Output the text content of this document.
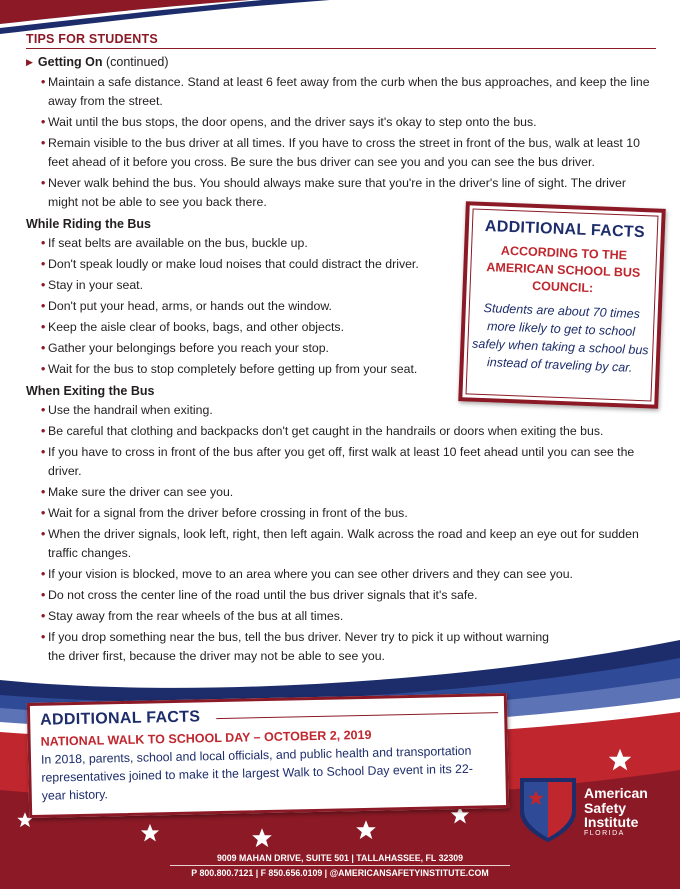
TIPS FOR STUDENTS
▶ Getting On (continued)
• Maintain a safe distance. Stand at least 6 feet away from the curb when the bus approaches, and keep the line away from the street.
• Wait until the bus stops, the door opens, and the driver says it's okay to step onto the bus.
• Remain visible to the bus driver at all times. If you have to cross the street in front of the bus, walk at least 10 feet ahead of it before you cross. Be sure the bus driver can see you and you can see the bus driver.
• Never walk behind the bus. You should always make sure that you're in the driver's line of sight. The driver might not be able to see you back there.
While Riding the Bus
• If seat belts are available on the bus, buckle up.
• Don't speak loudly or make loud noises that could distract the driver.
• Stay in your seat.
• Don't put your head, arms, or hands out the window.
• Keep the aisle clear of books, bags, and other objects.
• Gather your belongings before you reach your stop.
• Wait for the bus to stop completely before getting up from your seat.
When Exiting the Bus
• Use the handrail when exiting.
• Be careful that clothing and backpacks don't get caught in the handrails or doors when exiting the bus.
• If you have to cross in front of the bus after you get off, first walk at least 10 feet ahead until you can see the driver.
• Make sure the driver can see you.
• Wait for a signal from the driver before crossing in front of the bus.
• When the driver signals, look left, right, then left again. Walk across the road and keep an eye out for sudden traffic changes.
• If your vision is blocked, move to an area where you can see other drivers and they can see you.
• Do not cross the center line of the road until the bus driver signals that it's safe.
• Stay away from the rear wheels of the bus at all times.
• If you drop something near the bus, tell the bus driver. Never try to pick it up without warning the driver first, because the driver may not be able to see you.
ADDITIONAL FACTS
ACCORDING TO THE AMERICAN SCHOOL BUS COUNCIL:
Students are about 70 times more likely to get to school safely when taking a school bus instead of traveling by car.
ADDITIONAL FACTS
NATIONAL WALK TO SCHOOL DAY – OCTOBER 2, 2019
In 2018, parents, school and local officials, and public health and transportation representatives joined to make it the largest Walk to School Day event in its 22-year history.	American
Safety
Institute
FLORIDA
9009 MAHAN DRIVE, SUITE 501 | TALLAHASSEE, FL 32309
P 800.800.7121 | F 850.656.0109 | @AMERICANSAFETYINSTITUTE.COM
